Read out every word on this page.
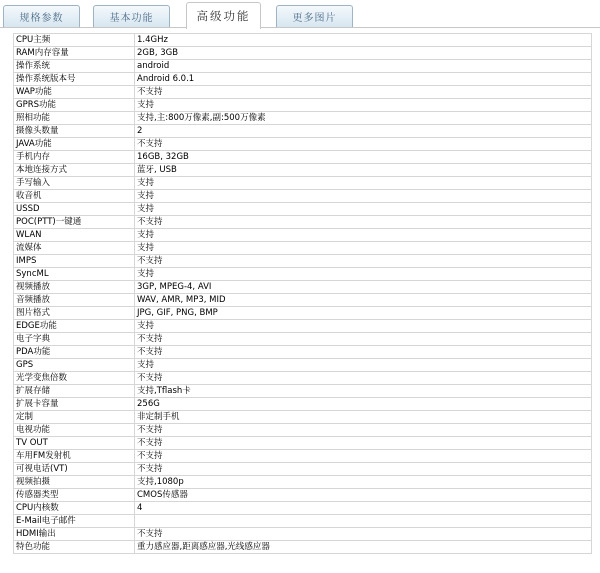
规格参数	基本功能	高级功能	更多图片
CPU主频	1.4GHz
RAM内存容量	2GB, 3GB
操作系统	android
操作系统版本号	Android 6.0.1
WAP功能	不支持
GPRS功能	支持
照相功能	支持,主:800万像素,副:500万像素
摄像头数量	2
JAVA功能	不支持
手机内存	16GB, 32GB
本地连接方式	蓝牙, USB
手写输入	支持
收音机	支持
USSD	支持
POC(PTT)一键通	不支持
WLAN	支持
流媒体	支持
IMPS	不支持
SyncML	支持
视频播放	3GP, MPEG-4, AVI
音频播放	WAV, AMR, MP3, MID
图片格式	JPG, GIF, PNG, BMP
EDGE功能	支持
电子字典	不支持
PDA功能	不支持
GPS	支持
光学变焦倍数	不支持
扩展存储	支持,Tflash卡
扩展卡容量	256G
定制	非定制手机
电视功能	不支持
TV OUT	不支持
车用FM发射机	不支持
可视电话(VT)	不支持
视频拍摄	支持,1080p
传感器类型	CMOS传感器
CPU内核数	4
E-Mail电子邮件	
HDMI输出	不支持
特色功能	重力感应器,距离感应器,光线感应器
